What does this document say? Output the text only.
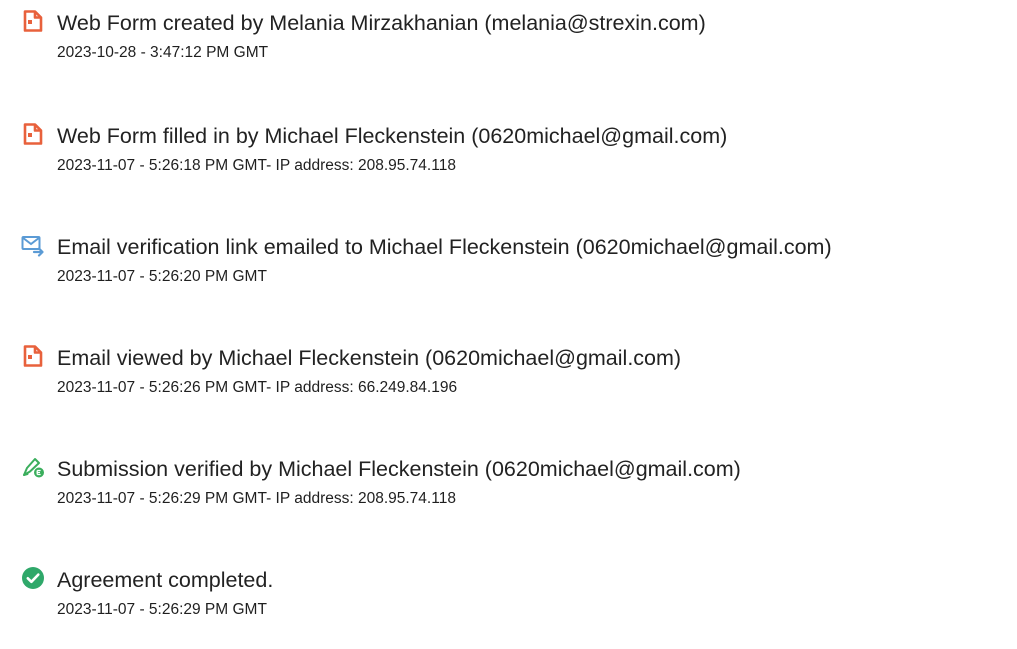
Web Form created by Melania Mirzakhanian (melania@strexin.com)
2023-10-28 - 3:47:12 PM GMT
Web Form filled in by Michael Fleckenstein (0620michael@gmail.com)
2023-11-07 - 5:26:18 PM GMT- IP address: 208.95.74.118
Email verification link emailed to Michael Fleckenstein (0620michael@gmail.com)
2023-11-07 - 5:26:20 PM GMT
Email viewed by Michael Fleckenstein (0620michael@gmail.com)
2023-11-07 - 5:26:26 PM GMT- IP address: 66.249.84.196
Submission verified by Michael Fleckenstein (0620michael@gmail.com)
2023-11-07 - 5:26:29 PM GMT- IP address: 208.95.74.118
Agreement completed.
2023-11-07 - 5:26:29 PM GMT
